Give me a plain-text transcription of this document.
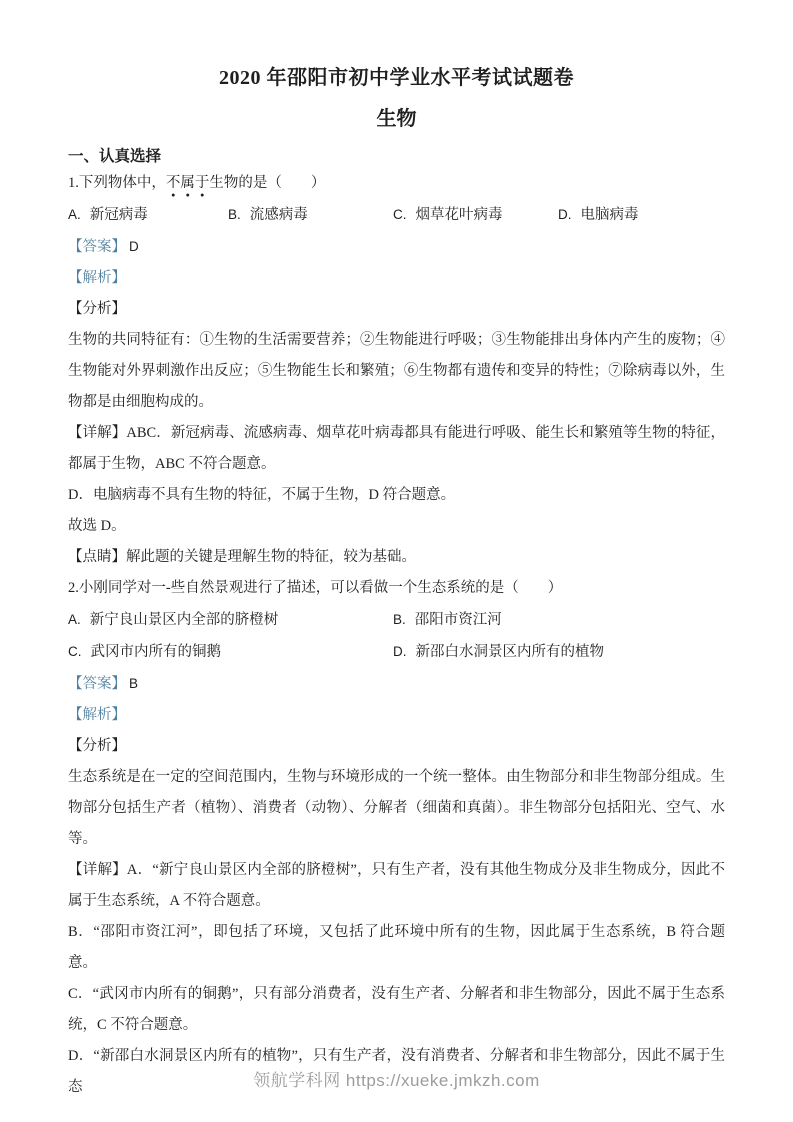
2020 年邵阳市初中学业水平考试试题卷
生物
一、认真选择

1.下列物体中，不属于生物的是（　　）

A. 新冠病毒	B. 流感病毒	C. 烟草花叶病毒	D. 电脑病毒

【答案】 D

【解析】

【分析】

生物的共同特征有：①生物的生活需要营养；②生物能进行呼吸；③生物能排出身体内产生的废物；④生物能对外界刺激作出反应；⑤生物能生长和繁殖；⑥生物都有遗传和变异的特性；⑦除病毒以外，生物都是由细胞构成的。

【详解】ABC．新冠病毒、流感病毒、烟草花叶病毒都具有能进行呼吸、能生长和繁殖等生物的特征，都属于生物，ABC 不符合题意。

D．电脑病毒不具有生物的特征，不属于生物，D 符合题意。

故选 D。

【点睛】解此题的关键是理解生物的特征，较为基础。

2.小刚同学对一-些自然景观进行了描述，可以看做一个生态系统的是（　　）

A. 新宁良山景区内全部的脐橙树	B. 邵阳市资江河
C. 武冈市内所有的铜鹅	D. 新邵白水洞景区内所有的植物

【答案】 B

【解析】

【分析】

生态系统是在一定的空间范围内，生物与环境形成的一个统一整体。由生物部分和非生物部分组成。生物部分包括生产者（植物）、消费者（动物）、分解者（细菌和真菌）。非生物部分包括阳光、空气、水等。

【详解】A．“新宁良山景区内全部的脐橙树”，只有生产者，没有其他生物成分及非生物成分，因此不属于生态系统，A 不符合题意。

B．“邵阳市资江河”，即包括了环境，又包括了此环境中所有的生物，因此属于生态系统，B 符合题意。

C．“武冈市内所有的铜鹅”，只有部分消费者，没有生产者、分解者和非生物部分，因此不属于生态系统，C 不符合题意。

D．“新邵白水洞景区内所有的植物”，只有生产者，没有消费者、分解者和非生物部分，因此不属于生态	领航学科网 https://xueke.jmkzh.com
